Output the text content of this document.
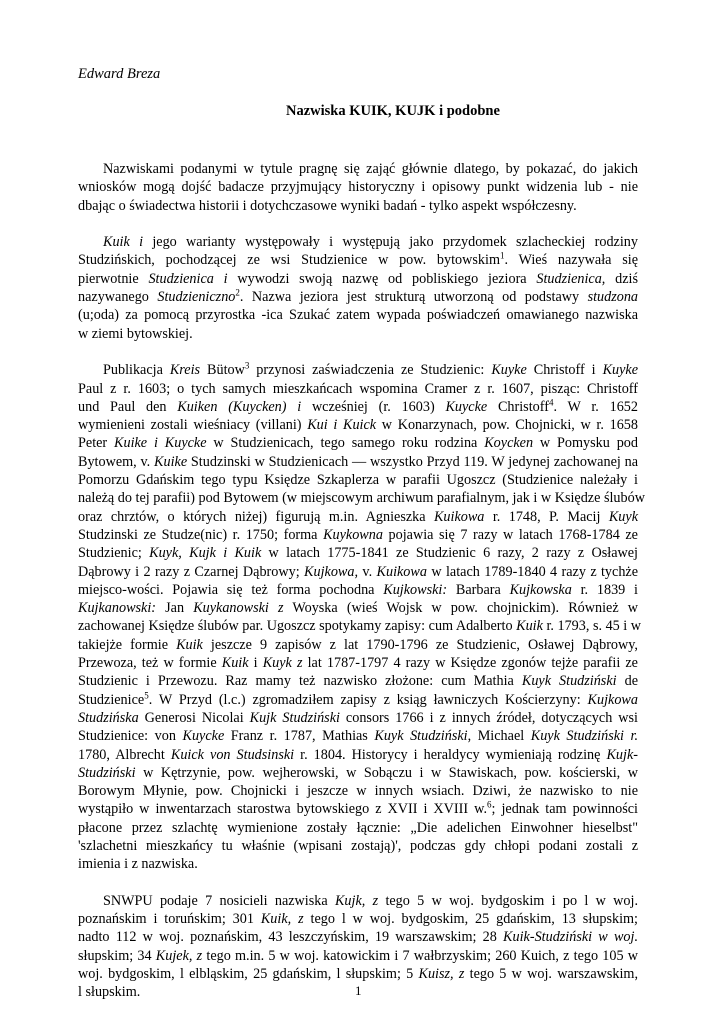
Edward Breza
Nazwiska KUIK, KUJK i podobne
Nazwiskami podanymi w tytule pragnę się zająć głównie dlatego, by pokazać, do jakich
wniosków mogą dojść badacze przyjmujący historyczny i opisowy punkt widzenia lub - nie
dbając o świadectwa historii i dotychczasowe wyniki badań - tylko aspekt współczesny.
Kuik i jego warianty występowały i występują jako przydomek szlacheckiej rodziny
Studzińskich, pochodzącej ze wsi Studzienice w pow. bytowskim$^1$. Wieś nazywała się
pierwotnie Studzienica i wywodzi swoją nazwę od pobliskiego jeziora Studzienica, dziś
nazywanego Studzieniczno$^2$. Nazwa jeziora jest strukturą utworzoną od podstawy studzona
(u;oda) za pomocą przyrostka -ica Szukać zatem wypada poświadczeń omawianego nazwiska
w ziemi bytowskiej.
Publikacja Kreis Bütow$^3$ przynosi zaświadczenia ze Studzienic: Kuyke Christoff i Kuyke
Paul z r. 1603; o tych samych mieszkańcach wspomina Cramer z r. 1607, pisząc: Christoff
und Paul den Kuiken (Kuycken) i wcześniej (r. 1603) Kuycke Christoff$^4$. W r. 1652
wymienieni zostali wieśniacy (villani) Kui i Kuick w Konarzynach, pow. Chojnicki, w r. 1658
Peter Kuike i Kuycke w Studzienicach, tego samego roku rodzina Koycken w Pomysku pod
Bytowem, v. Kuike Studzinski w Studzienicach — wszystko Przyd 119. W jedynej zachowanej na
Pomorzu Gdańskim tego typu Księdze Szkaplerza w parafii Ugoszcz (Studzienice należały i
należą do tej parafii) pod Bytowem (w miejscowym archiwum parafialnym, jak i w Księdze ślubów
oraz chrztów, o których niżej) figurują m.in. Agnieszka Kuikowa r. 1748, P. Macij Kuyk
Studzinski ze Studze(nic) r. 1750; forma Kuykowna pojawia się 7 razy w latach 1768-1784 ze
Studzienic; Kuyk, Kujk i Kuik w latach 1775-1841 ze Studzienic 6 razy, 2 razy z Osławej
Dąbrowy i 2 razy z Czarnej Dąbrowy; Kujkowa, v. Kuikowa w latach 1789-1840 4 razy z tychże
miejsco-wości. Pojawia się też forma pochodna Kujkowski: Barbara Kujkowska r. 1839 i
Kujkanowski: Jan Kuykanowski z Woyska (wieś Wojsk w pow. chojnickim). Również w
zachowanej Księdze ślubów par. Ugoszcz spotykamy zapisy: cum Adalberto Kuik r. 1793, s. 45 i w
takiejże formie Kuik jeszcze 9 zapisów z lat 1790-1796 ze Studzienic, Osławej Dąbrowy,
Przewoza, też w formie Kuik i Kuyk z lat 1787-1797 4 razy w Księdze zgonów tejże parafii ze
Studzienic i Przewozu. Raz mamy też nazwisko złożone: cum Mathia Kuyk Studziński de
Studzienice$^5$. W Przyd (l.c.) zgromadziłem zapisy z ksiąg ławniczych Kościerzyny: Kujkowa
Studzińska Generosi Nicolai Kujk Studziński consors 1766 i z innych źródeł, dotyczących wsi
Studzienice: von Kuycke Franz r. 1787, Mathias Kuyk Studziński, Michael Kuyk Studziński r.
1780, Albrecht Kuick von Studsinski r. 1804. Historycy i heraldycy wymieniają rodzinę Kujk-
Studziński w Kętrzynie, pow. wejherowski, w Sobączu i w Stawiskach, pow. kościerski, w
Borowym Młynie, pow. Chojnicki i jeszcze w innych wsiach. Dziwi, że nazwisko to nie
wystąpiło w inwentarzach starostwa bytowskiego z XVII i XVIII w.$^6$; jednak tam powinności
płacone przez szlachtę wymienione zostały łącznie: „Die adelichen Einwohner hieselbst"
'szlachetni mieszkańcy tu właśnie (wpisani zostają)', podczas gdy chłopi podani zostali z
imienia i z nazwiska.
SNWPU podaje 7 nosicieli nazwiska Kujk, z tego 5 w woj. bydgoskim i po l w woj.
poznańskim i toruńskim; 301 Kuik, z tego l w woj. bydgoskim, 25 gdańskim, 13 słupskim;
nadto 112 w woj. poznańskim, 43 leszczyńskim, 19 warszawskim; 28 Kuik-Studziński w woj.
słupskim; 34 Kujek, z tego m.in. 5 w woj. katowickim i 7 wałbrzyskim; 260 Kuich, z tego 105 w
woj. bydgoskim, l elbląskim, 25 gdańskim, l słupskim; 5 Kuisz, z tego 5 w woj. warszawskim,
l słupskim.	1
